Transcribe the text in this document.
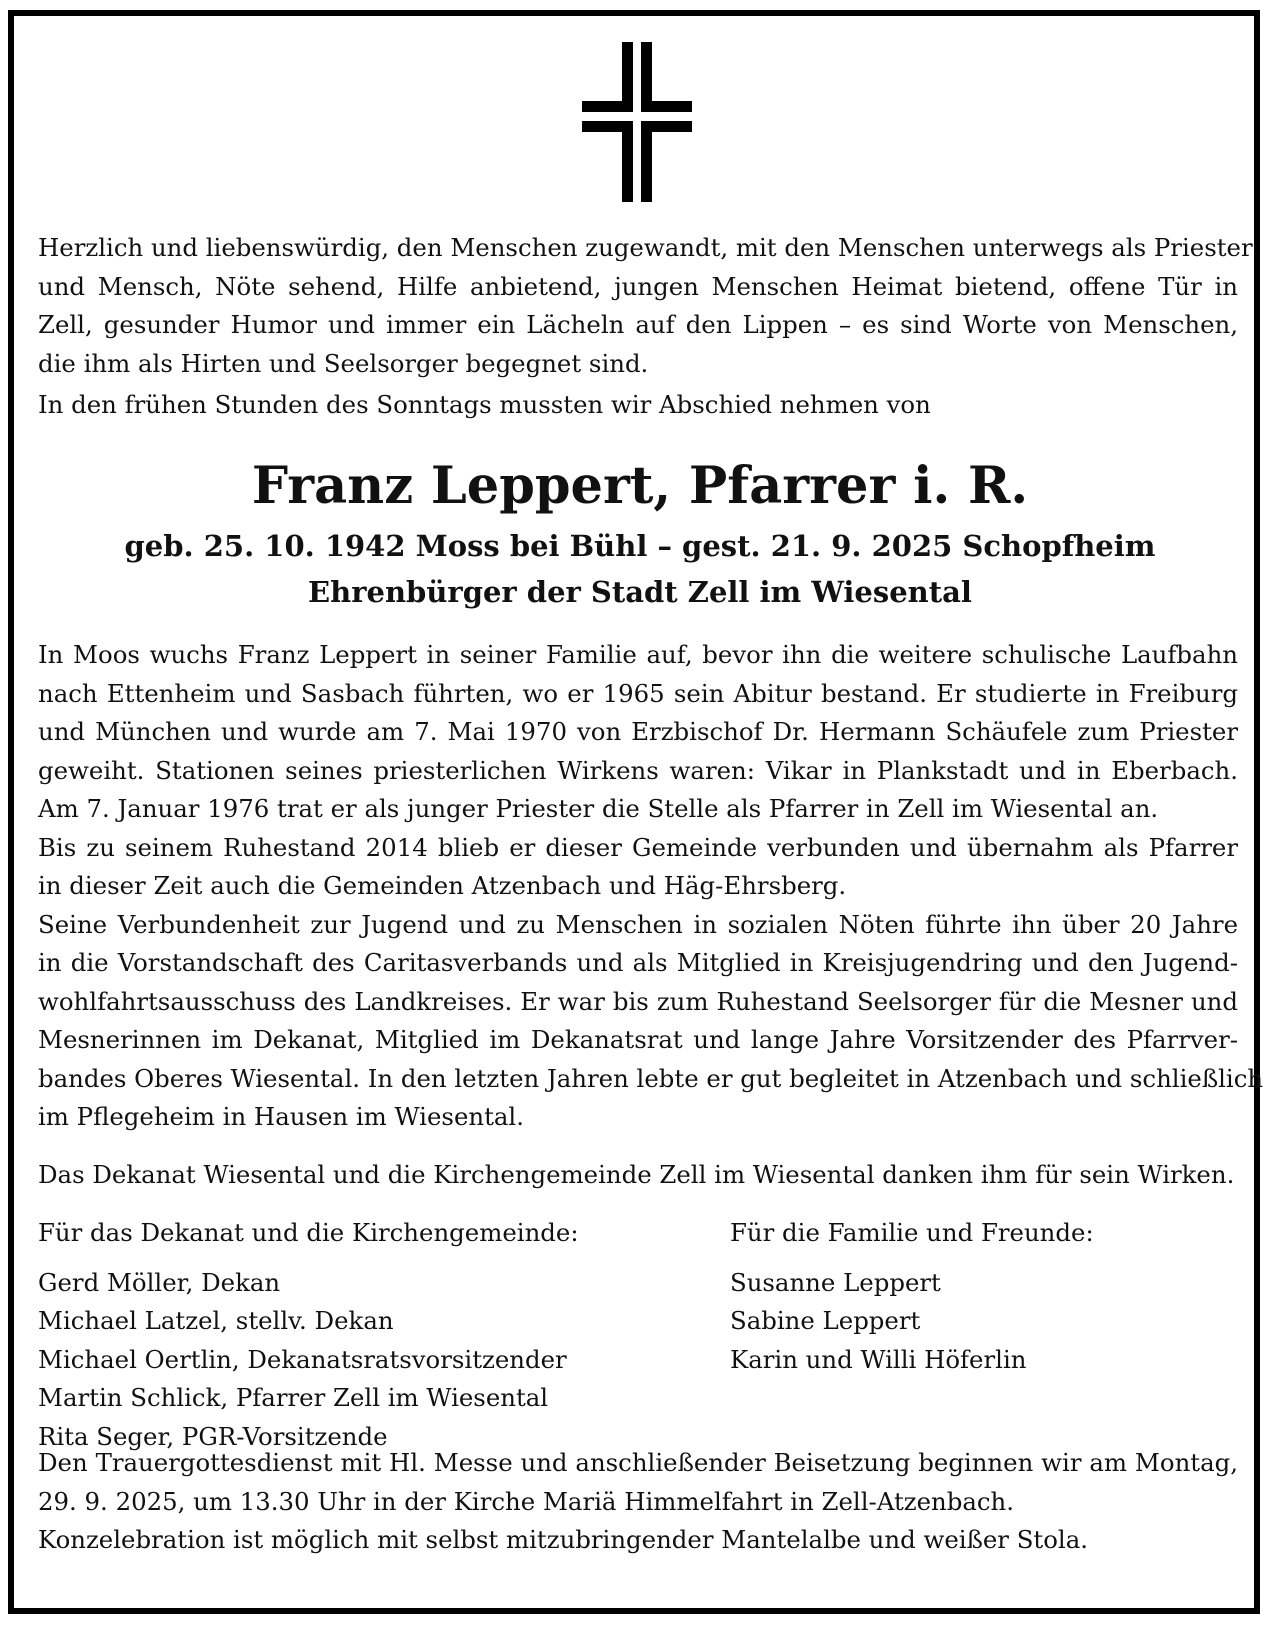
Herzlich und liebenswürdig, den Menschen zugewandt, mit den Menschen unterwegs als Priester
und Mensch, Nöte sehend, Hilfe anbietend, jungen Menschen Heimat bietend, offene Tür in
Zell, gesunder Humor und immer ein Lächeln auf den Lippen – es sind Worte von Menschen,
die ihm als Hirten und Seelsorger begegnet sind.
In den frühen Stunden des Sonntags mussten wir Abschied nehmen von
Franz Leppert, Pfarrer i. R.
geb. 25. 10. 1942 Moss bei Bühl – gest. 21. 9. 2025 Schopfheim
Ehrenbürger der Stadt Zell im Wiesental
In Moos wuchs Franz Leppert in seiner Familie auf, bevor ihn die weitere schulische Laufbahn
nach Ettenheim und Sasbach führten, wo er 1965 sein Abitur bestand. Er studierte in Freiburg
und München und wurde am 7. Mai 1970 von Erzbischof Dr. Hermann Schäufele zum Priester
geweiht. Stationen seines priesterlichen Wirkens waren: Vikar in Plankstadt und in Eberbach.
Am 7. Januar 1976 trat er als junger Priester die Stelle als Pfarrer in Zell im Wiesental an.
Bis zu seinem Ruhestand 2014 blieb er dieser Gemeinde verbunden und übernahm als Pfarrer
in dieser Zeit auch die Gemeinden Atzenbach und Häg-Ehrsberg.
Seine Verbundenheit zur Jugend und zu Menschen in sozialen Nöten führte ihn über 20 Jahre
in die Vorstandschaft des Caritasverbands und als Mitglied in Kreisjugendring und den Jugend-
wohlfahrtsausschuss des Landkreises. Er war bis zum Ruhestand Seelsorger für die Mesner und
Mesnerinnen im Dekanat, Mitglied im Dekanatsrat und lange Jahre Vorsitzender des Pfarrver-
bandes Oberes Wiesental. In den letzten Jahren lebte er gut begleitet in Atzenbach und schließlich
im Pflegeheim in Hausen im Wiesental.
Das Dekanat Wiesental und die Kirchengemeinde Zell im Wiesental danken ihm für sein Wirken.
Für das Dekanat und die Kirchengemeinde:
Gerd Möller, Dekan
Michael Latzel, stellv. Dekan
Michael Oertlin, Dekanatsratsvorsitzender
Martin Schlick, Pfarrer Zell im Wiesental
Rita Seger, PGR-Vorsitzende
Für die Familie und Freunde:
Susanne Leppert
Sabine Leppert
Karin und Willi Höferlin
Den Trauergottesdienst mit Hl. Messe und anschließender Beisetzung beginnen wir am Montag,
29. 9. 2025, um 13.30 Uhr in der Kirche Mariä Himmelfahrt in Zell-Atzenbach.
Konzelebration ist möglich mit selbst mitzubringender Mantelalbe und weißer Stola.
